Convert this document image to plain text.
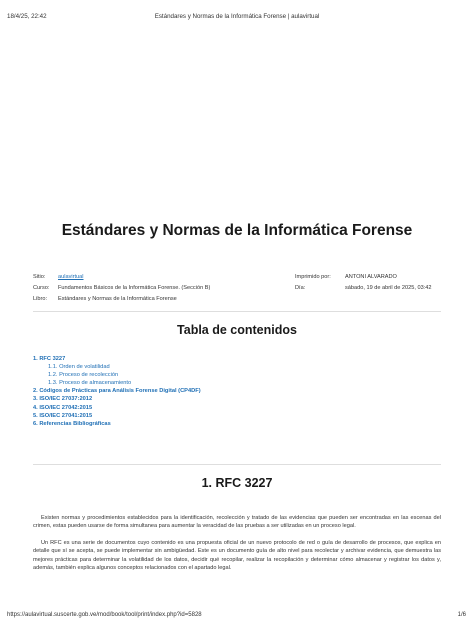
18/4/25, 22:42	Estándares y Normas de la Informática Forense | aulavirtual
Estándares y Normas de la Informática Forense
Sitio: aulavirtual
Curso: Fundamentos Básicos de la Informática Forense. (Sección B)
Libro: Estándares y Normas de la Informática Forense
Imprimido por:	ANTONI ALVARADO
Día:	sábado, 19 de abril de 2025, 03:42
Tabla de contenidos
1. RFC 3227
1.1. Orden de volatilidad
1.2. Proceso de recolección
1.3. Proceso de almacenamiento
2. Códigos de Prácticas para Análisis Forense Digital (CP4DF)
3. ISO/IEC 27037:2012
4. ISO/IEC 27042:2015
5. ISO/IEC 27041:2015
6. Referencias Bibliográficas
1. RFC 3227

Existen normas y procedimientos establecidos para la identificación, recolección y tratado de las evidencias que pueden ser encontradas en las escenas del crimen, estas pueden usarse de forma simultanea para aumentar la veracidad de las pruebas a ser utilizadas en un proceso legal.

Un RFC es una serie de documentos cuyo contenido es una propuesta oficial de un nuevo protocolo de red o guía de desarrollo de procesos, que explica en detalle que sí se acepta, se puede implementar sin ambigüedad. Este es un documento guía de alto nivel para recolectar y archivar evidencia, que demuestra las mejores prácticas para determinar la volatilidad de los datos, decidir qué recopilar, realizar la recopilación y determinar cómo almacenar y registrar los datos y, además, también explica algunos conceptos relacionados con el apartado legal.

https://aulavirtual.suscerte.gob.ve/mod/book/tool/print/index.php?id=5828	1/6
